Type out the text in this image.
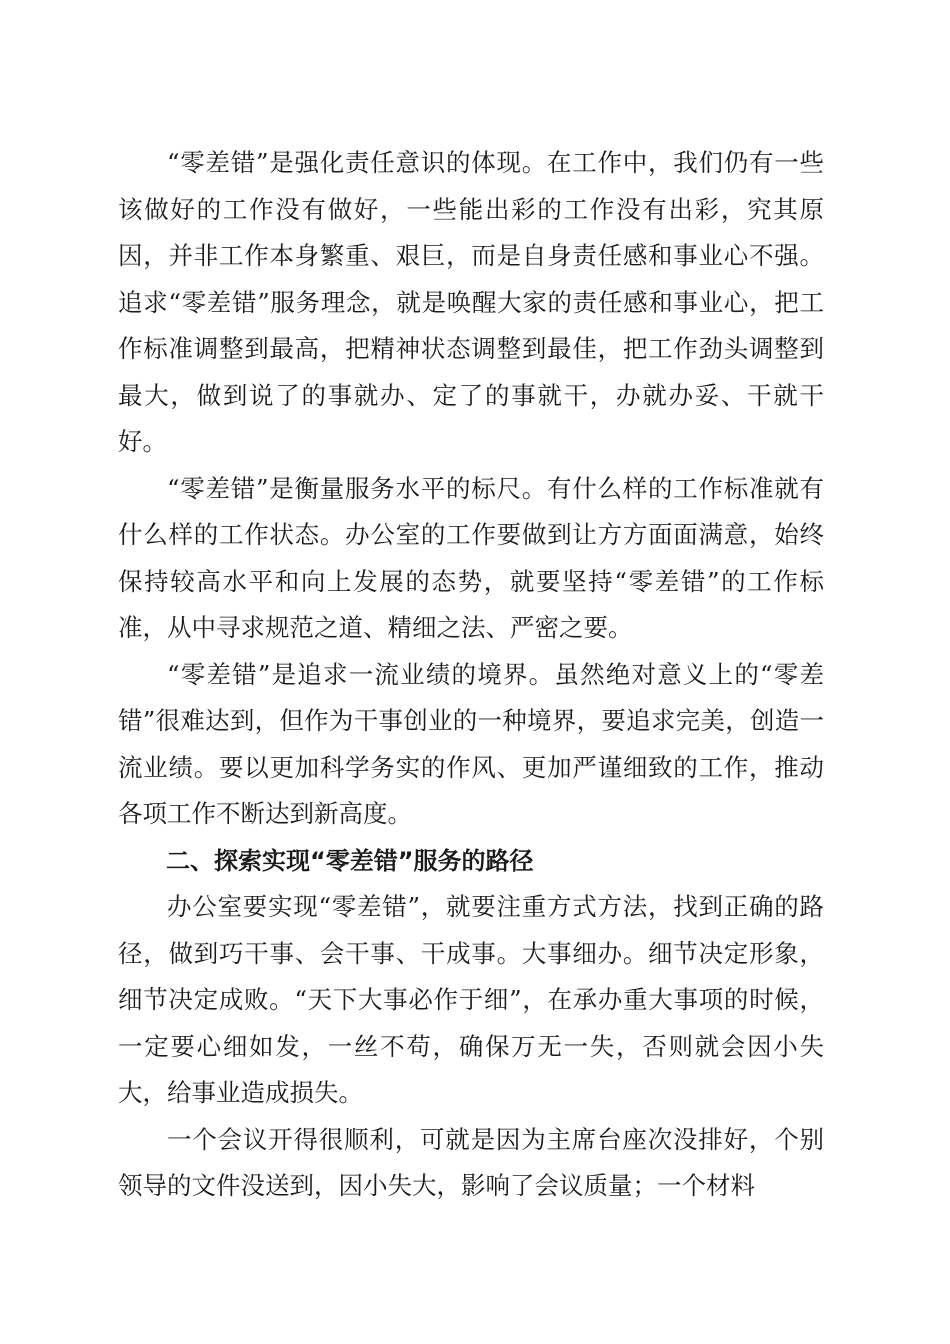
“零差错”是强化责任意识的体现。在工作中，我们仍有一些该做好的工作没有做好，一些能出彩的工作没有出彩，究其原因，并非工作本身繁重、艰巨，而是自身责任感和事业心不强。追求“零差错”服务理念，就是唤醒大家的责任感和事业心，把工作标准调整到最高，把精神状态调整到最佳，把工作劲头调整到最大，做到说了的事就办、定了的事就干，办就办妥、干就干好。

“零差错”是衡量服务水平的标尺。有什么样的工作标准就有什么样的工作状态。办公室的工作要做到让方方面面满意，始终保持较高水平和向上发展的态势，就要坚持“零差错”的工作标准，从中寻求规范之道、精细之法、严密之要。

“零差错”是追求一流业绩的境界。虽然绝对意义上的“零差错”很难达到，但作为干事创业的一种境界，要追求完美，创造一流业绩。要以更加科学务实的作风、更加严谨细致的工作，推动各项工作不断达到新高度。

二、探索实现“零差错”服务的路径

办公室要实现“零差错”，就要注重方式方法，找到正确的路径，做到巧干事、会干事、干成事。大事细办。细节决定形象，细节决定成败。“天下大事必作于细”，在承办重大事项的时候，一定要心细如发，一丝不苟，确保万无一失，否则就会因小失大，给事业造成损失。

一个会议开得很顺利，可就是因为主席台座次没排好，个别领导的文件没送到，因小失大，影响了会议质量；一个材料
